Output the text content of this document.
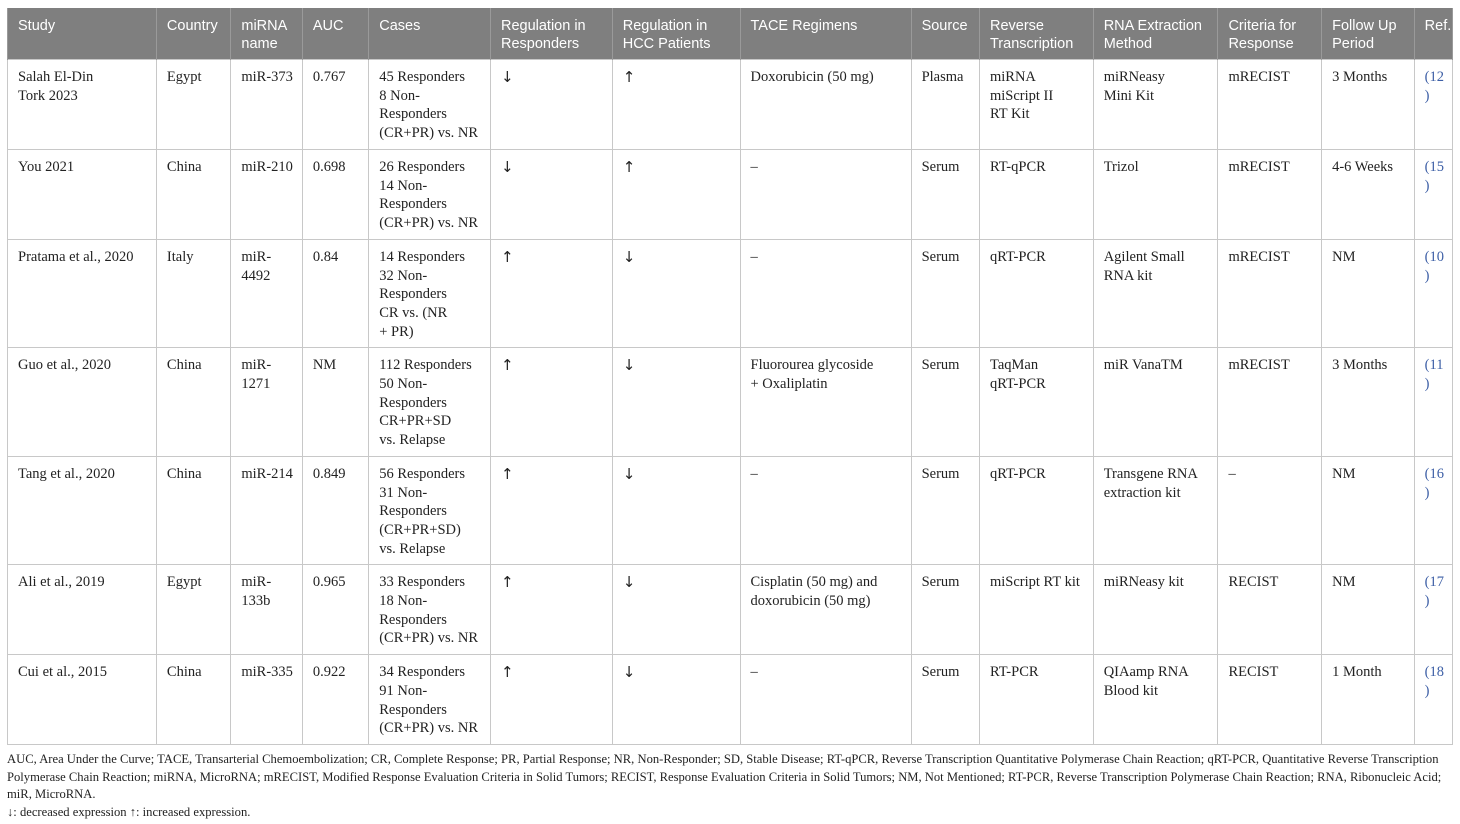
Study	Country	miRNA name	AUC	Cases	Regulation in Responders	Regulation in HCC Patients	TACE Regimens	Source	Reverse Transcription	RNA Extraction Method	Criteria for Response	Follow Up Period	Ref.

Salah El-Din
Tork 2023	Egypt	miR-373	0.767	45 Responders
8 Non-
Responders
(CR+PR) vs. NR	↓	↑	Doxorubicin (50 mg)	Plasma	miRNA
miScript II
RT Kit	miRNeasy
Mini Kit	mRECIST	3 Months	(12)

You 2021	China	miR-210	0.698	26 Responders
14 Non-
Responders
(CR+PR) vs. NR	↓	↑	–	Serum	RT-qPCR	Trizol	mRECIST	4-6 Weeks	(15)

Pratama et al., 2020	Italy	miR-
4492	0.84	14 Responders
32 Non-
Responders
CR vs. (NR
+ PR)	↑	↓	–	Serum	qRT-PCR	Agilent Small
RNA kit	mRECIST	NM	(10)

Guo et al., 2020	China	miR-
1271	NM	112 Responders
50 Non-
Responders
CR+PR+SD
vs. Relapse	↑	↓	Fluorourea glycoside
+ Oxaliplatin	Serum	TaqMan
qRT-PCR	miR VanaTM	mRECIST	3 Months	(11)

Tang et al., 2020	China	miR-214	0.849	56 Responders
31 Non-
Responders
(CR+PR+SD)
vs. Relapse	↑	↓	–	Serum	qRT-PCR	Transgene RNA
extraction kit	–	NM	(16)

Ali et al., 2019	Egypt	miR-
133b	0.965	33 Responders
18 Non-
Responders
(CR+PR) vs. NR	↑	↓	Cisplatin (50 mg) and
doxorubicin (50 mg)	Serum	miScript RT kit	miRNeasy kit	RECIST	NM	(17)

Cui et al., 2015	China	miR-335	0.922	34 Responders
91 Non-
Responders
(CR+PR) vs. NR	↑	↓	–	Serum	RT-PCR	QIAamp RNA
Blood kit	RECIST	1 Month	(18)

AUC, Area Under the Curve; TACE, Transarterial Chemoembolization; CR, Complete Response; PR, Partial Response; NR, Non-Responder; SD, Stable Disease; RT-qPCR, Reverse Transcription Quantitative Polymerase Chain Reaction; qRT-PCR, Quantitative Reverse Transcription Polymerase Chain Reaction; miRNA, MicroRNA; mRECIST, Modified Response Evaluation Criteria in Solid Tumors; RECIST, Response Evaluation Criteria in Solid Tumors; NM, Not Mentioned; RT-PCR, Reverse Transcription Polymerase Chain Reaction; RNA, Ribonucleic Acid; miR, MicroRNA.

↓: decreased expression ↑: increased expression.
